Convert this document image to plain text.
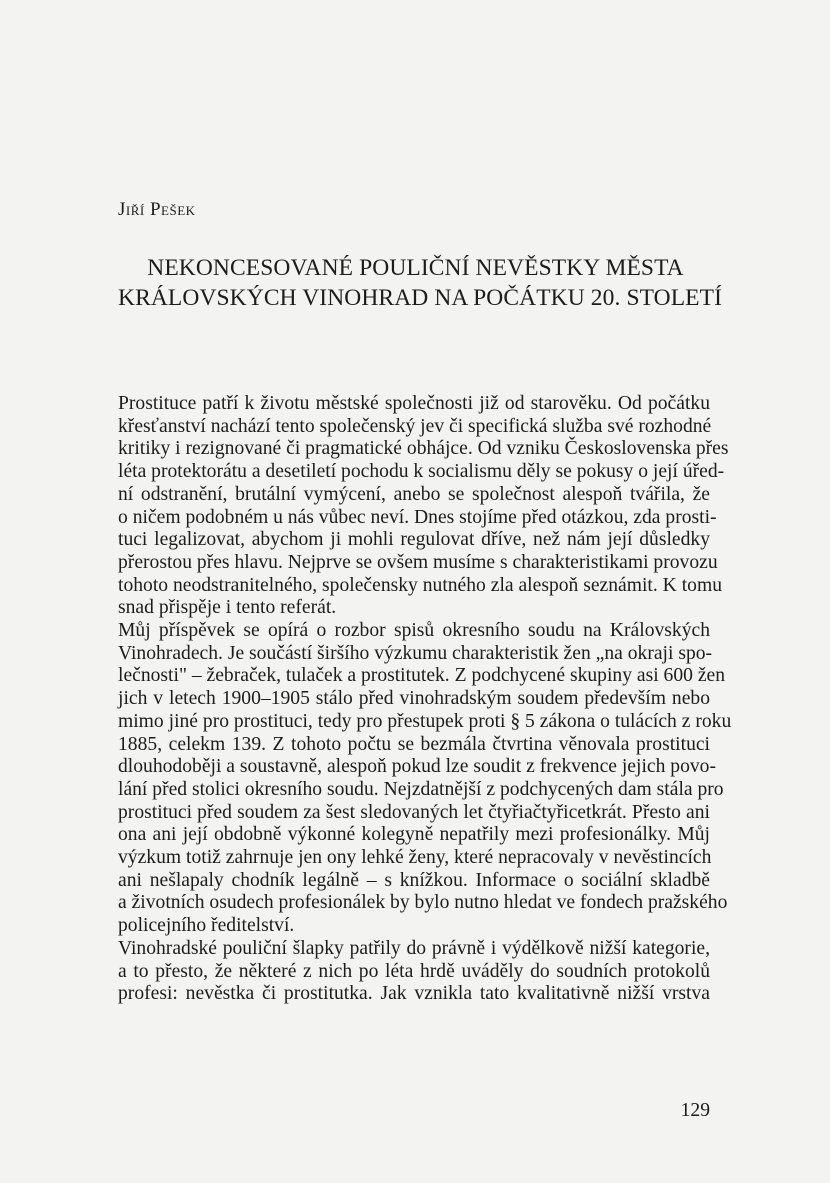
Jiří Pešek
NEKONCESOVANÉ POULIČNÍ NEVĚSTKY MĚSTA
KRÁLOVSKÝCH VINOHRAD NA POČÁTKU 20. STOLETÍ

Prostituce patří k životu městské společnosti již od starověku. Od počátku
křesťanství nachází tento společenský jev či specifická služba své rozhodné
kritiky i rezignované či pragmatické obhájce. Od vzniku Československa přes
léta protektorátu a desetiletí pochodu k socialismu děly se pokusy o její úřed-
ní odstranění, brutální vymýcení, anebo se společnost alespoň tvářila, že
o ničem podobném u nás vůbec neví. Dnes stojíme před otázkou, zda prosti-
tuci legalizovat, abychom ji mohli regulovat dříve, než nám její důsledky
přerostou přes hlavu. Nejprve se ovšem musíme s charakteristikami provozu
tohoto neodstranitelného, společensky nutného zla alespoň seznámit. K tomu
snad přispěje i tento referát.

Můj příspěvek se opírá o rozbor spisů okresního soudu na Královských
Vinohradech. Je součástí širšího výzkumu charakteristik žen „na okraji spo-
lečnosti" – žebraček, tulaček a prostitutek. Z podchycené skupiny asi 600 žen
jich v letech 1900–1905 stálo před vinohradským soudem především nebo
mimo jiné pro prostituci, tedy pro přestupek proti § 5 zákona o tulácích z roku
1885, celekm 139. Z tohoto počtu se bezmála čtvrtina věnovala prostituci
dlouhodoběji a soustavně, alespoň pokud lze soudit z frekvence jejich povo-
lání před stolici okresního soudu. Nejzdatnější z podchycených dam stála pro
prostituci před soudem za šest sledovaných let čtyřiačtyřicetkrát. Přesto ani
ona ani její obdobně výkonné kolegyně nepatřily mezi profesionálky. Můj
výzkum totiž zahrnuje jen ony lehké ženy, které nepracovaly v nevěstincích
ani nešlapaly chodník legálně – s knížkou. Informace o sociální skladbě
a životních osudech profesionálek by bylo nutno hledat ve fondech pražského
policejního ředitelství.

Vinohradské pouliční šlapky patřily do právně i výdělkově nižší kategorie,
a to přesto, že některé z nich po léta hrdě uváděly do soudních protokolů
profesi: nevěstka či prostitutka. Jak vznikla tato kvalitativně nižší vrstva

129
